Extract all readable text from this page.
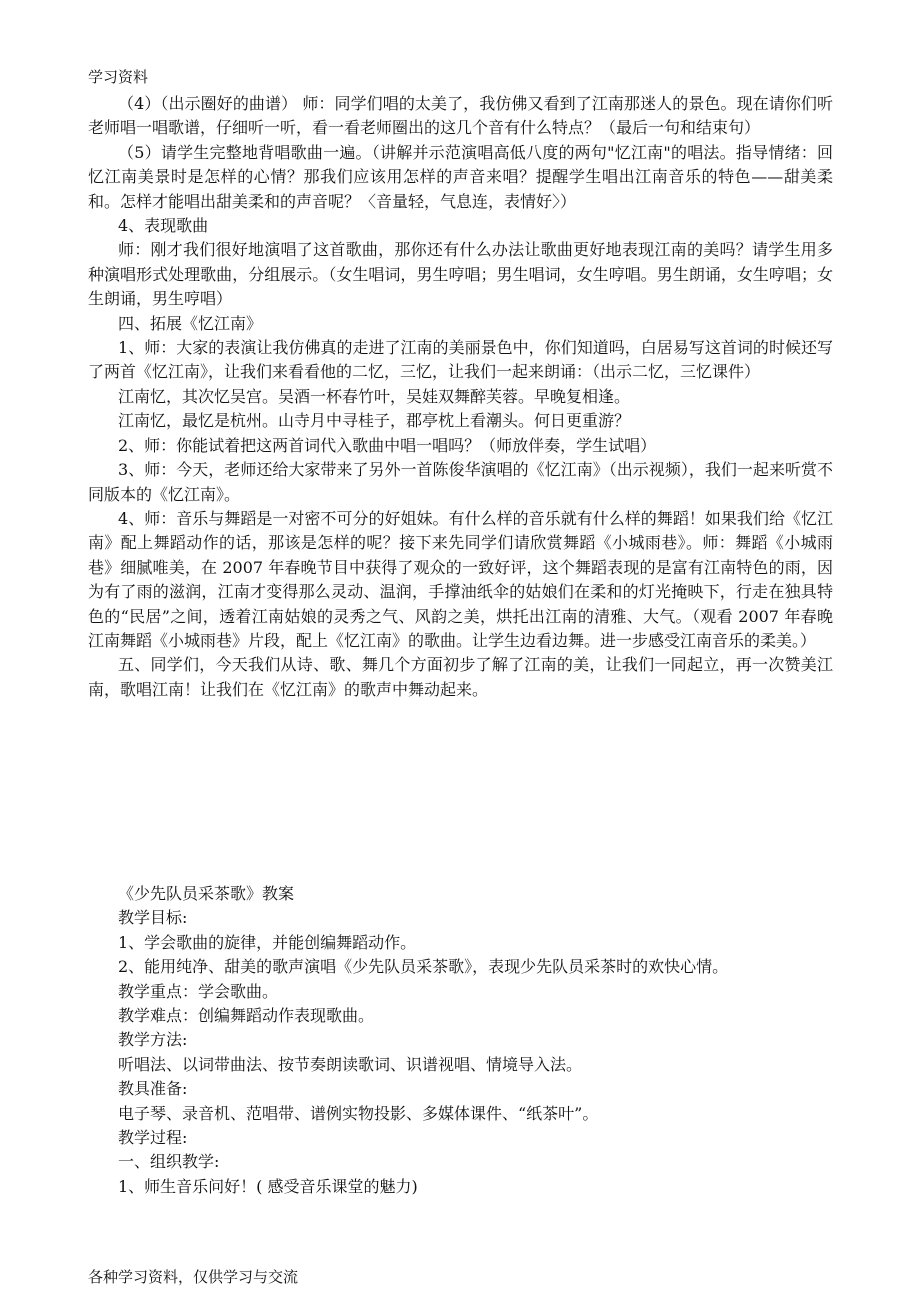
学习资料

（4）（出示圈好的曲谱） 师：同学们唱的太美了，我仿佛又看到了江南那迷人的景色。现在请你们听老师唱一唱歌谱，仔细听一听，看一看老师圈出的这几个音有什么特点？（最后一句和结束句）

（5）请学生完整地背唱歌曲一遍。（讲解并示范演唱高低八度的两句"忆江南"的唱法。指导情绪：回忆江南美景时是怎样的心情？那我们应该用怎样的声音来唱？提醒学生唱出江南音乐的特色——甜美柔和。怎样才能唱出甜美柔和的声音呢？〈音量轻，气息连，表情好〉）

4、表现歌曲

师：刚才我们很好地演唱了这首歌曲，那你还有什么办法让歌曲更好地表现江南的美吗？请学生用多种演唱形式处理歌曲，分组展示。（女生唱词，男生哼唱；男生唱词，女生哼唱。男生朗诵，女生哼唱；女生朗诵，男生哼唱）

四、拓展《忆江南》

1、师：大家的表演让我仿佛真的走进了江南的美丽景色中，你们知道吗，白居易写这首词的时候还写了两首《忆江南》，让我们来看看他的二忆，三忆，让我们一起来朗诵：（出示二忆，三忆课件）

江南忆，其次忆吴宫。吴酒一杯春竹叶，吴娃双舞醉芙蓉。早晚复相逢。

江南忆，最忆是杭州。山寺月中寻桂子，郡亭枕上看潮头。何日更重游？

2、师：你能试着把这两首词代入歌曲中唱一唱吗？（师放伴奏，学生试唱）

3、师：今天，老师还给大家带来了另外一首陈俊华演唱的《忆江南》（出示视频），我们一起来听赏不同版本的《忆江南》。

4、师：音乐与舞蹈是一对密不可分的好姐妹。有什么样的音乐就有什么样的舞蹈！如果我们给《忆江南》配上舞蹈动作的话，那该是怎样的呢？接下来先同学们请欣赏舞蹈《小城雨巷》。师：舞蹈《小城雨巷》细腻唯美，在 2007 年春晚节目中获得了观众的一致好评，这个舞蹈表现的是富有江南特色的雨，因为有了雨的滋润，江南才变得那么灵动、温润，手撑油纸伞的姑娘们在柔和的灯光掩映下，行走在独具特色的“民居”之间，透着江南姑娘的灵秀之气、风韵之美，烘托出江南的清雅、大气。（观看 2007 年春晚江南舞蹈《小城雨巷》片段，配上《忆江南》的歌曲。让学生边看边舞。进一步感受江南音乐的柔美。）

五、同学们，今天我们从诗、歌、舞几个方面初步了解了江南的美，让我们一同起立，再一次赞美江南，歌唱江南！让我们在《忆江南》的歌声中舞动起来。

《少先队员采茶歌》教案

教学目标:

1、学会歌曲的旋律，并能创编舞蹈动作。

2、能用纯净、甜美的歌声演唱《少先队员采茶歌》，表现少先队员采茶时的欢快心情。

教学重点：学会歌曲。

教学难点：创编舞蹈动作表现歌曲。

教学方法:

听唱法、以词带曲法、按节奏朗读歌词、识谱视唱、情境导入法。

教具准备:

电子琴、录音机、范唱带、谱例实物投影、多媒体课件、“纸茶叶”。

教学过程:

一、组织教学:

1、师生音乐问好！( 感受音乐课堂的魅力)

各种学习资料，仅供学习与交流
